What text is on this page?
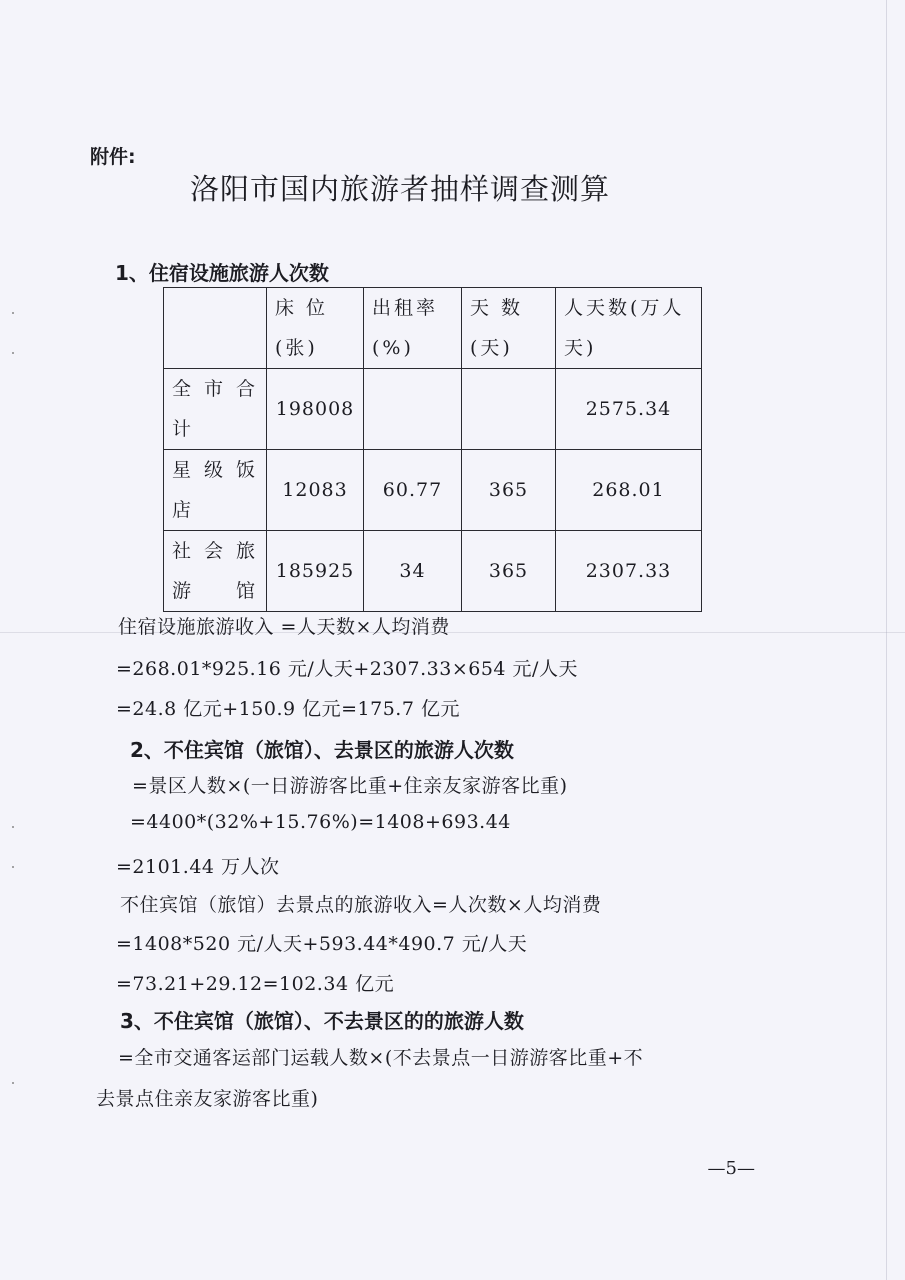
附件:
洛阳市国内旅游者抽样调查测算
1、住宿设施旅游人次数
	床 位(张)	出租率(%)	天 数(天)	人天数(万人天)
全市合计	198008			2575.34
星级饭店	12083	60.77	365	268.01
社会旅游馆	185925	34	365	2307.33
住宿设施旅游收入 =人天数×人均消费
=268.01*925.16 元/人天+2307.33×654 元/人天
=24.8 亿元+150.9 亿元=175.7 亿元
2、不住宾馆（旅馆）、去景区的旅游人次数
=景区人数×(一日游游客比重+住亲友家游客比重)
=4400*(32%+15.76%)=1408+693.44
=2101.44 万人次
不住宾馆（旅馆）去景点的旅游收入=人次数×人均消费
=1408*520 元/人天+593.44*490.7 元/人天
=73.21+29.12=102.34 亿元
3、不住宾馆（旅馆）、不去景区的的旅游人数
=全市交通客运部门运载人数×(不去景点一日游游客比重+不
去景点住亲友家游客比重)
—5—
